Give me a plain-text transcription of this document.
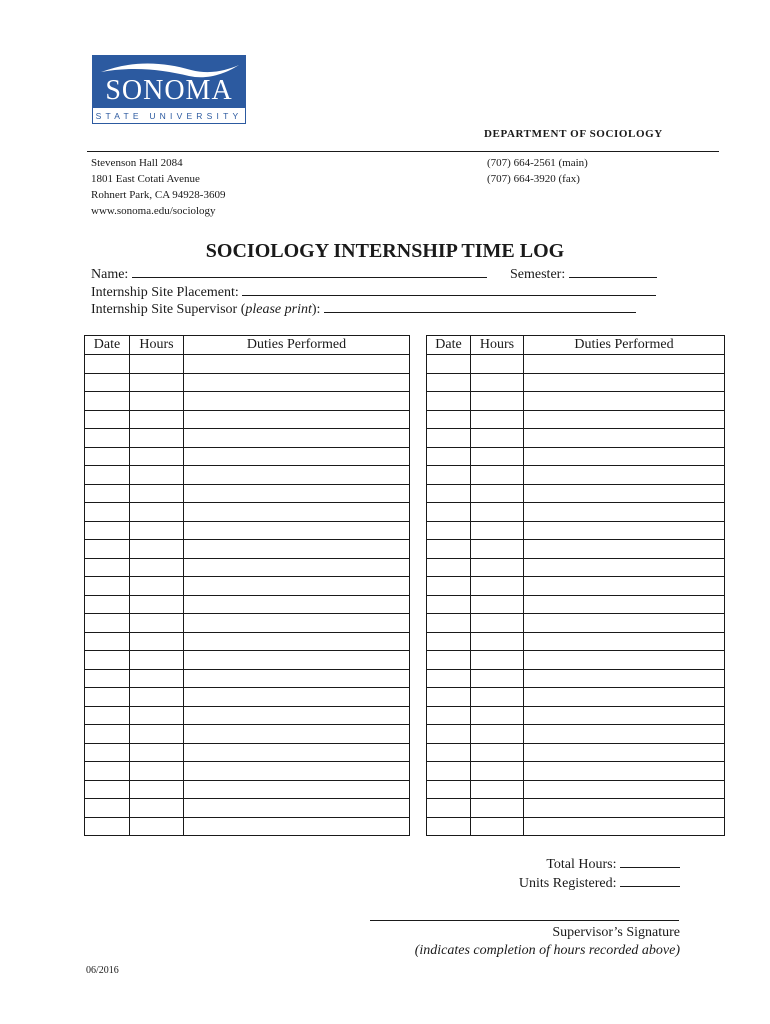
SONOMA
STATE UNIVERSITY
DEPARTMENT OF SOCIOLOGY
Stevenson Hall 2084
1801 East Cotati Avenue
Rohnert Park, CA 94928-3609
www.sonoma.edu/sociology
(707) 664-2561 (main)
(707) 664-3920 (fax)
SOCIOLOGY INTERNSHIP TIME LOG
Name:	Semester:
Internship Site Placement:
Internship Site Supervisor (please print):
Date	Hours	Duties Performed

			Date	Hours	Duties Performed

Total Hours:
Units Registered:
Supervisor’s Signature
(indicates completion of hours recorded above)
06/2016
